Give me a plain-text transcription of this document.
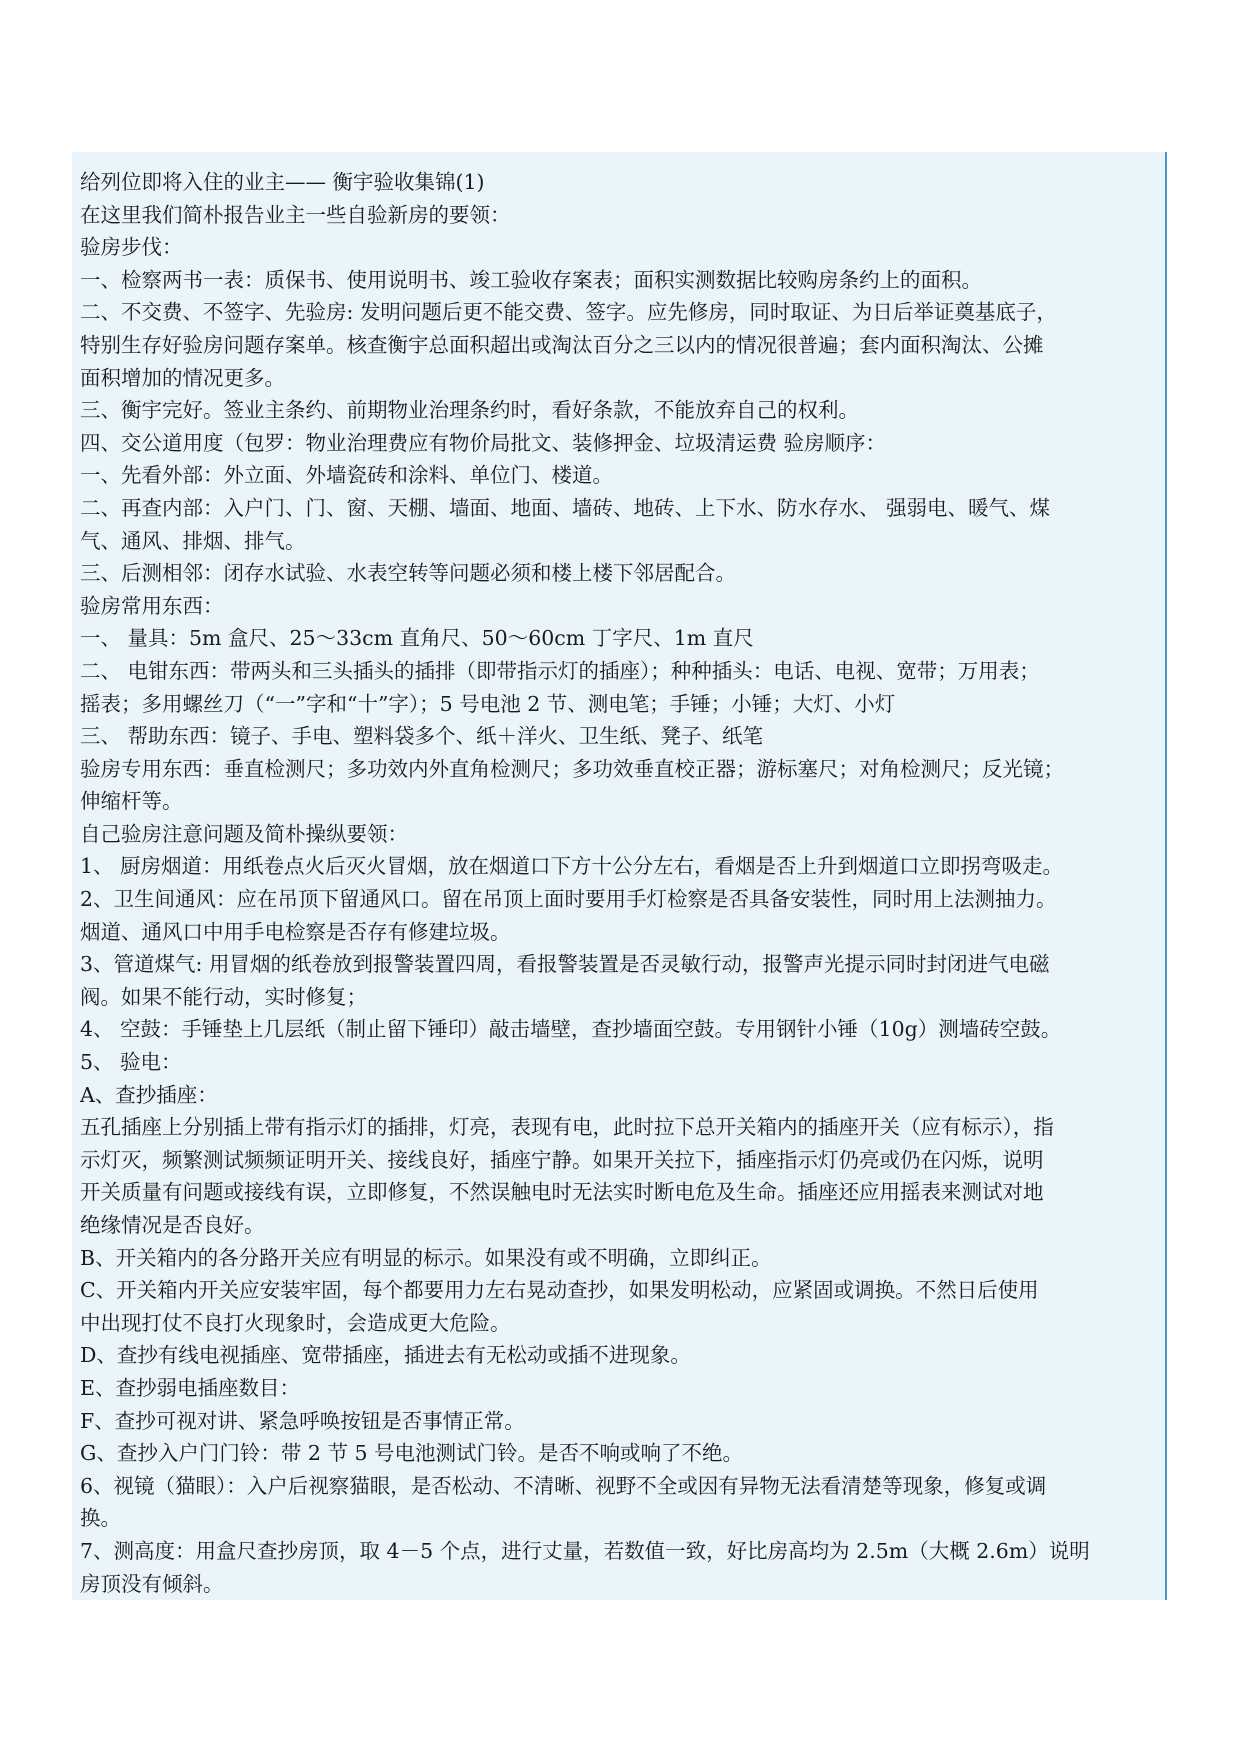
给列位即将入住的业主—— 衡宇验收集锦(1)
在这里我们简朴报告业主一些自验新房的要领：
验房步伐：
一、检察两书一表：质保书、使用说明书、竣工验收存案表；面积实测数据比较购房条约上的面积。
二、不交费、不签字、先验房: 发明问题后更不能交费、签字。应先修房，同时取证、为日后举证奠基底子，
特别生存好验房问题存案单。核查衡宇总面积超出或淘汰百分之三以内的情况很普遍；套内面积淘汰、公摊
面积增加的情况更多。
三、衡宇完好。签业主条约、前期物业治理条约时，看好条款，不能放弃自己的权利。
四、交公道用度（包罗：物业治理费应有物价局批文、装修押金、垃圾清运费 验房顺序：
一、先看外部：外立面、外墙瓷砖和涂料、单位门、楼道。
二、再查内部：入户门、门、窗、天棚、墙面、地面、墙砖、地砖、上下水、防水存水、 强弱电、暖气、煤
气、通风、排烟、排气。
三、后测相邻：闭存水试验、水表空转等问题必须和楼上楼下邻居配合。
验房常用东西：
一、 量具：5m 盒尺、25～33cm 直角尺、50～60cm 丁字尺、1m 直尺
二、 电钳东西：带两头和三头插头的插排（即带指示灯的插座）；种种插头：电话、电视、宽带；万用表；
摇表；多用螺丝刀（“一”字和“十”字）；5 号电池 2 节、测电笔；手锤；小锤；大灯、小灯
三、 帮助东西：镜子、手电、塑料袋多个、纸＋洋火、卫生纸、凳子、纸笔
验房专用东西：垂直检测尺；多功效内外直角检测尺；多功效垂直校正器；游标塞尺；对角检测尺；反光镜；
伸缩杆等。
自己验房注意问题及简朴操纵要领：
1、 厨房烟道：用纸卷点火后灭火冒烟，放在烟道口下方十公分左右，看烟是否上升到烟道口立即拐弯吸走。
2、卫生间通风：应在吊顶下留通风口。留在吊顶上面时要用手灯检察是否具备安装性，同时用上法测抽力。
烟道、通风口中用手电检察是否存有修建垃圾。
3、管道煤气: 用冒烟的纸卷放到报警装置四周，看报警装置是否灵敏行动，报警声光提示同时封闭进气电磁
阀。如果不能行动，实时修复；
4、 空鼓：手锤垫上几层纸（制止留下锤印）敲击墙壁，查抄墙面空鼓。专用钢针小锤（10g）测墙砖空鼓。
5、 验电：
A、查抄插座：
五孔插座上分别插上带有指示灯的插排，灯亮，表现有电，此时拉下总开关箱内的插座开关（应有标示），指
示灯灭，频繁测试频频证明开关、接线良好，插座宁静。如果开关拉下，插座指示灯仍亮或仍在闪烁，说明
开关质量有问题或接线有误，立即修复，不然误触电时无法实时断电危及生命。插座还应用摇表来测试对地
绝缘情况是否良好。
B、开关箱内的各分路开关应有明显的标示。如果没有或不明确，立即纠正。
C、开关箱内开关应安装牢固，每个都要用力左右晃动查抄，如果发明松动，应紧固或调换。不然日后使用
中出现打仗不良打火现象时，会造成更大危险。
D、查抄有线电视插座、宽带插座，插进去有无松动或插不进现象。
E、查抄弱电插座数目：
F、查抄可视对讲、紧急呼唤按钮是否事情正常。
G、查抄入户门门铃：带 2 节 5 号电池测试门铃。是否不响或响了不绝。
6、视镜（猫眼）：入户后视察猫眼，是否松动、不清晰、视野不全或因有异物无法看清楚等现象，修复或调
换。
7、测高度：用盒尺查抄房顶，取 4－5 个点，进行丈量，若数值一致，好比房高均为 2.5m（大概 2.6m）说明
房顶没有倾斜。
